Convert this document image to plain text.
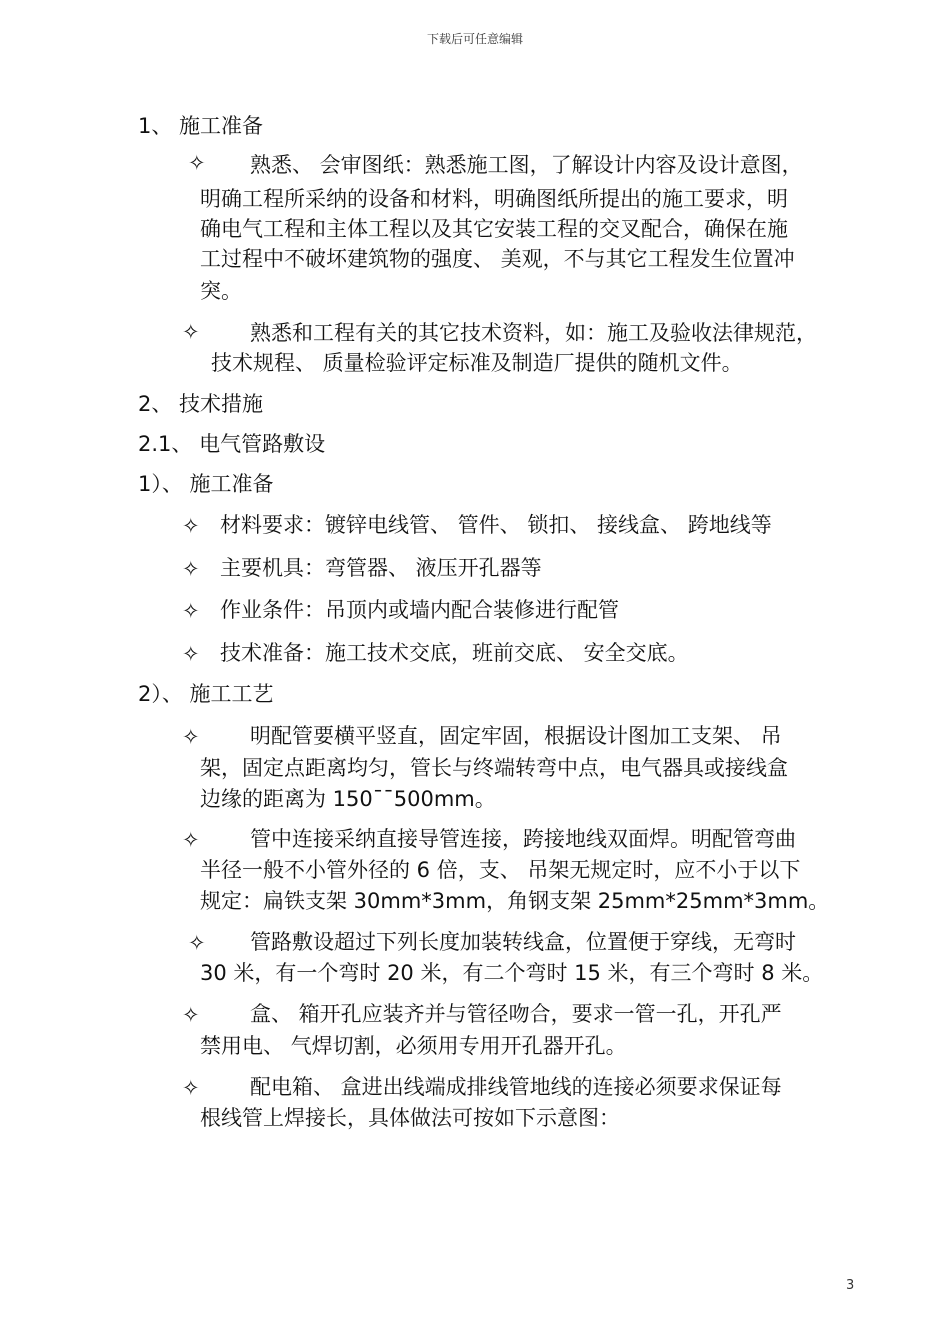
下载后可任意编辑
1、 施工准备
✧ 熟悉、 会审图纸：熟悉施工图，了解设计内容及设计意图，
明确工程所采纳的设备和材料，明确图纸所提出的施工要求，明
确电气工程和主体工程以及其它安装工程的交叉配合，确保在施
工过程中不破坏建筑物的强度、 美观，不与其它工程发生位置冲
突。
✧ 熟悉和工程有关的其它技术资料，如：施工及验收法律规范，
技术规程、 质量检验评定标准及制造厂提供的随机文件。
2、 技术措施
2.1、 电气管路敷设
1）、 施工准备
✧ 材料要求：镀锌电线管、 管件、 锁扣、 接线盒、 跨地线等
✧ 主要机具：弯管器、 液压开孔器等
✧ 作业条件：吊顶内或墙内配合装修进行配管
✧ 技术准备：施工技术交底，班前交底、 安全交底。
2）、 施工工艺
✧ 明配管要横平竖直，固定牢固，根据设计图加工支架、 吊
架，固定点距离均匀，管长与终端转弯中点，电气器具或接线盒
边缘的距离为 150¯¯500mm。
✧ 管中连接采纳直接导管连接，跨接地线双面焊。明配管弯曲
半径一般不小管外径的 6 倍，支、 吊架无规定时，应不小于以下
规定：扁铁支架 30mm*3mm，角钢支架 25mm*25mm*3mm。
✧ 管路敷设超过下列长度加装转线盒，位置便于穿线，无弯时
30 米，有一个弯时 20 米，有二个弯时 15 米，有三个弯时 8 米。
✧ 盒、 箱开孔应装齐并与管径吻合，要求一管一孔，开孔严
禁用电、 气焊切割，必须用专用开孔器开孔。
✧ 配电箱、 盒进出线端成排线管地线的连接必须要求保证每
根线管上焊接长，具体做法可按如下示意图：
3
